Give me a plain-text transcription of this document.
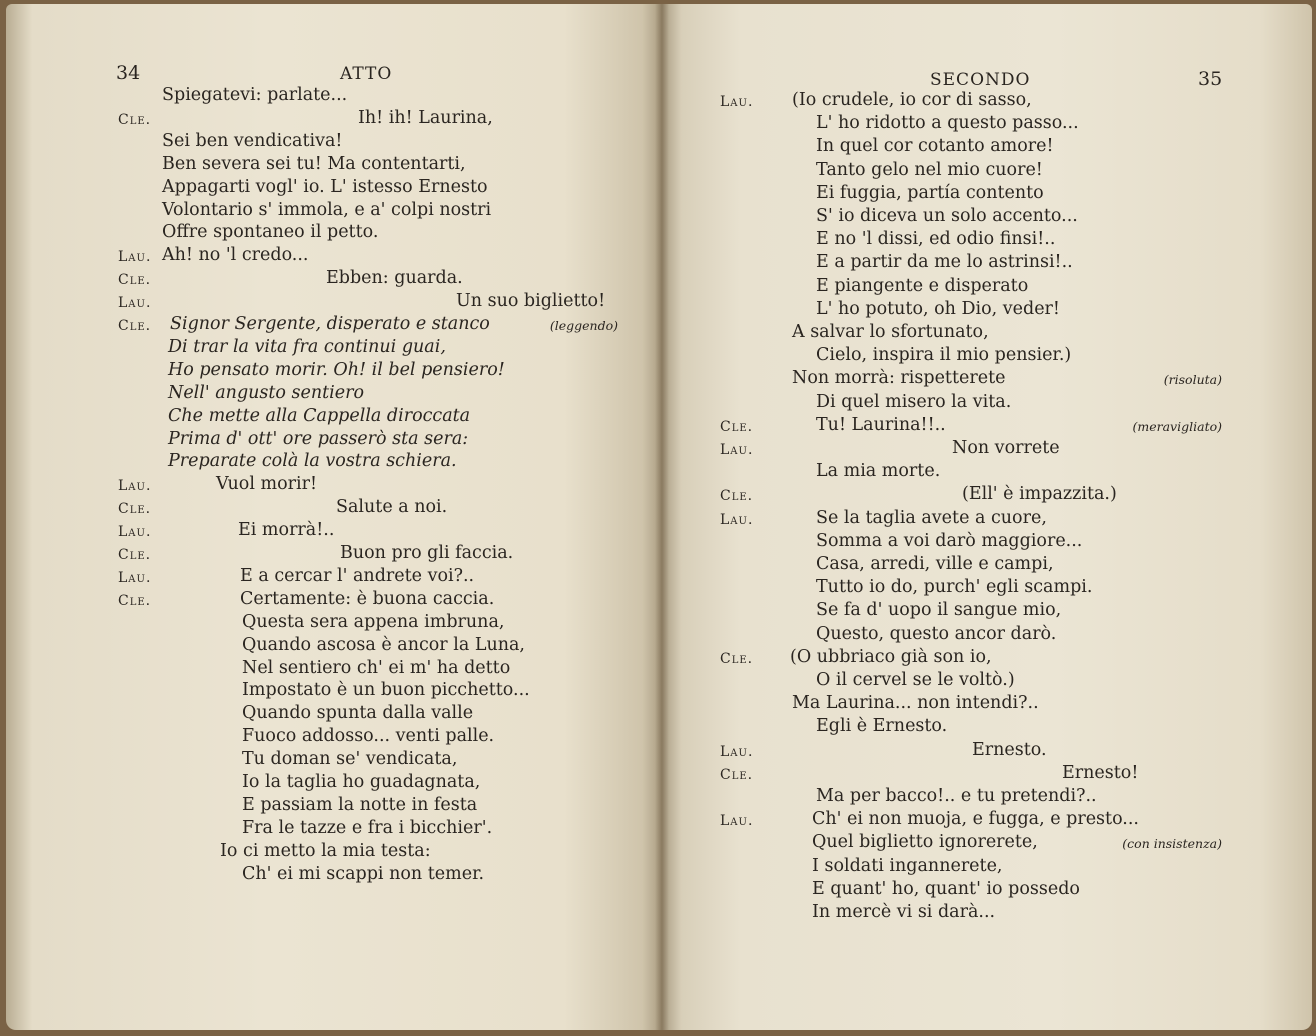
34	ATTO	SECONDO	35
Spiegatevi: parlate...
Cle.	Ih! ih! Laurina,
Sei ben vendicativa!
Ben severa sei tu! Ma contentarti,
Appagarti vogl' io. L' istesso Ernesto
Volontario s' immola, e a' colpi nostri
Offre spontaneo il petto.
Lau. Ah! no 'l credo...
Cle.	Ebben: guarda.
Lau.	Un suo biglietto!
Cle. Signor Sergente, disperato e stanco	(leggendo)
Di trar la vita fra continui guai,
Ho pensato morir. Oh! il bel pensiero!
Nell' angusto sentiero
Che mette alla Cappella diroccata
Prima d' ott' ore passerò sta sera:
Preparate colà la vostra schiera.
Lau.	Vuol morir!
Cle.	Salute a noi.
Lau.	Ei morrà!..
Cle.	Buon pro gli faccia.
Lau.	E a cercar l' andrete voi?..
Cle.	Certamente: è buona caccia.
Questa sera appena imbruna,
Quando ascosa è ancor la Luna,
Nel sentiero ch' ei m' ha detto
Impostato è un buon picchetto...
Quando spunta dalla valle
Fuoco addosso... venti palle.
Tu doman se' vendicata,
Io la taglia ho guadagnata,
E passiam la notte in festa
Fra le tazze e fra i bicchier'.
Io ci metto la mia testa:
Ch' ei mi scappi non temer.
Lau. (Io crudele, io cor di sasso,
L' ho ridotto a questo passo...
In quel cor cotanto amore!
Tanto gelo nel mio cuore!
Ei fuggia, partía contento
S' io diceva un solo accento...
E no 'l dissi, ed odio finsi!..
E a partir da me lo astrinsi!..
E piangente e disperato
L' ho potuto, oh Dio, veder!
A salvar lo sfortunato,
Cielo, inspira il mio pensier.)
Non morrà: rispetterete	(risoluta)
Di quel misero la vita.
Cle.	Tu! Laurina!!..	(meravigliato)
Lau.	Non vorrete
La mia morte.
Cle.	(Ell' è impazzita.)
Lau.	Se la taglia avete a cuore,
Somma a voi darò maggiore...
Casa, arredi, ville e campi,
Tutto io do, purch' egli scampi.
Se fa d' uopo il sangue mio,
Questo, questo ancor darò.
Cle. (O ubbriaco già son io,
O il cervel se le voltò.)
Ma Laurina... non intendi?..
Egli è Ernesto.
Lau.	Ernesto.
Cle.	Ernesto!
Ma per bacco!.. e tu pretendi?..
Lau.	Ch' ei non muoja, e fugga, e presto...
Quel biglietto ignorerete,	(con insistenza)
I soldati ingannerete,
E quant' ho, quant' io possedo
In mercè vi si darà...
